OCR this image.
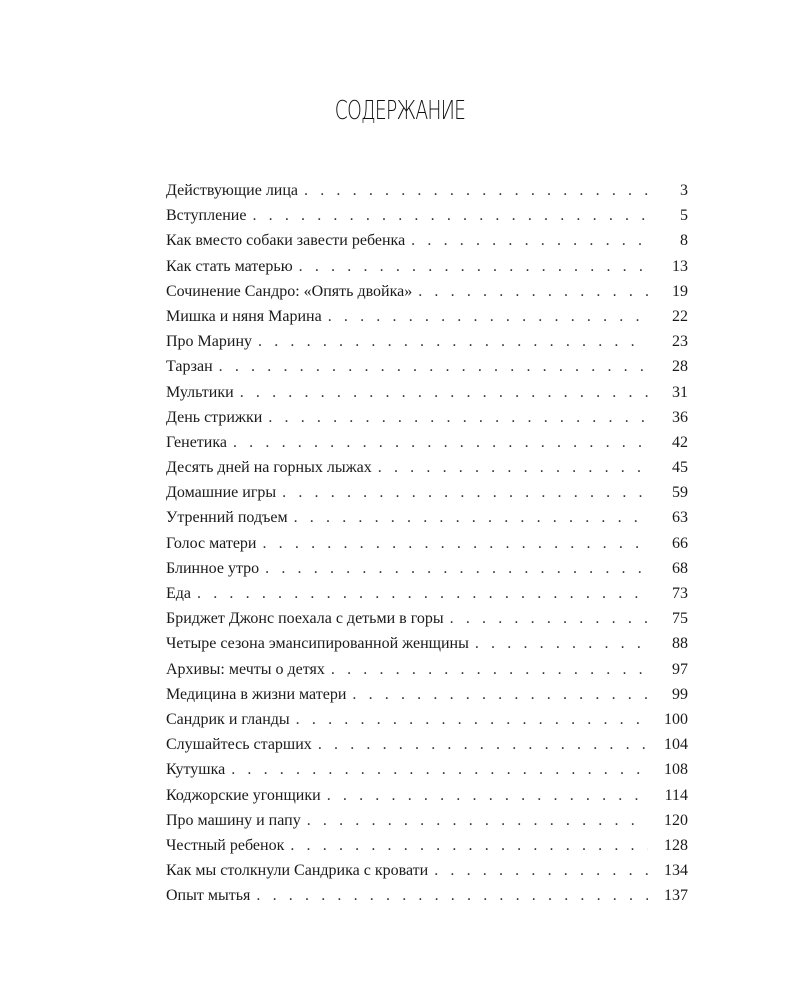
СОДЕРЖАНИЕ
Действующие лица . . .	3
Вступление . . .	5
Как вместо собаки завести ребенка . . .	8
Как стать матерью . . .	13
Сочинение Сандро: «Опять двойка» . . .	19
Мишка и няня Марина . . .	22
Про Марину . . .	23
Тарзан . . .	28
Мультики . . .	31
День стрижки . . .	36
Генетика . . .	42
Десять дней на горных лыжах . . .	45
Домашние игры . . .	59
Утренний подъем . . .	63
Голос матери . . .	66
Блинное утро . . .	68
Еда . . .	73
Бриджет Джонс поехала с детьми в горы . . .	75
Четыре сезона эмансипированной женщины . . .	88
Архивы: мечты о детях . . .	97
Медицина в жизни матери . . .	99
Сандрик и гланды . . .	100
Слушайтесь старших . . .	104
Кутушка . . .	108
Коджорские угонщики . . .	114
Про машину и папу . . .	120
Честный ребенок . . .	128
Как мы столкнули Сандрика с кровати . . .	134
Опыт мытья . . .	137
